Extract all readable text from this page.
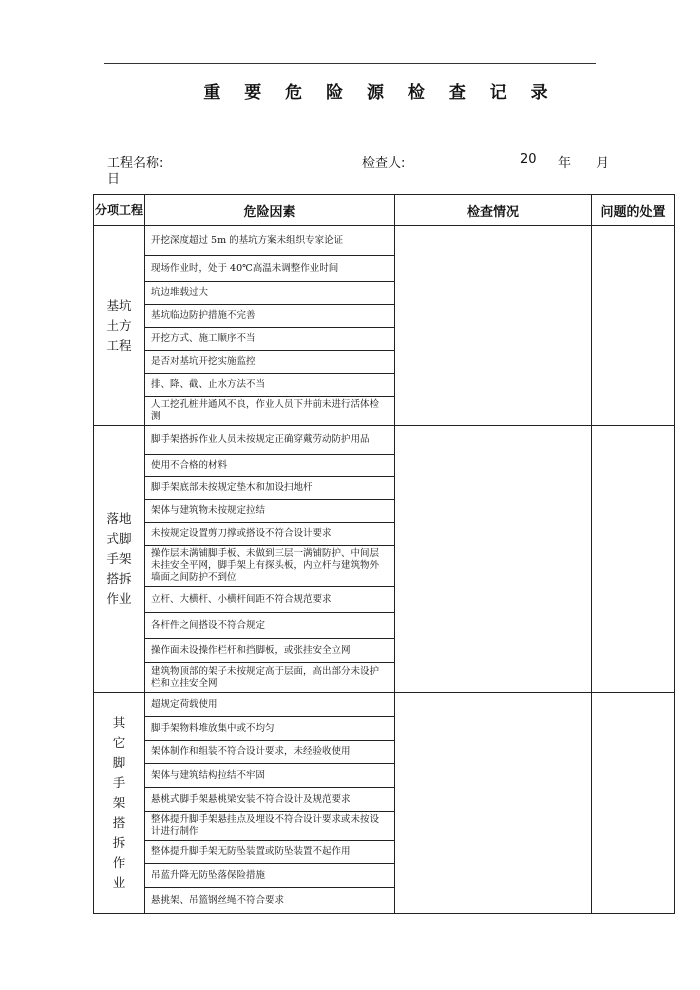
重 要 危 险 源 检 查 记 录
工程名称:	检查人:	20 年 月
日
分项工程	危险因素	检查情况	问题的处置

基坑土方工程	开挖深度超过 5m 的基坑方案未组织专家论证		
	现场作业时，处于 40℃高温未调整作业时间		
	坑边堆载过大		
	基坑临边防护措施不完善		
	开挖方式、施工顺序不当		
	是否对基坑开挖实施监控		
	排、降、截、止水方法不当		
	人工挖孔桩井通风不良，作业人员下井前未进行活体检测		

落地式脚手架搭拆作业	脚手架搭拆作业人员未按规定正确穿戴劳动防护用品		
	使用不合格的材料		
	脚手架底部未按规定垫木和加设扫地杆		
	架体与建筑物未按规定拉结		
	未按规定设置剪刀撑或搭设不符合设计要求		
	操作层未满铺脚手板、未做到三层一满铺防护、中间层未挂安全平网，脚手架上有探头板，内立杆与建筑物外墙面之间防护不到位		
	立杆、大横杆、小横杆间距不符合规范要求		
	各杆件之间搭设不符合规定		
	操作面未设操作栏杆和挡脚板，或张挂安全立网		
	建筑物顶部的架子未按规定高于层面，高出部分未设护栏和立挂安全网		

其它脚手架搭拆作业	超规定荷载使用		
	脚手架物料堆放集中或不均匀		
	架体制作和组装不符合设计要求，未经验收使用		
	架体与建筑结构拉结不牢固		
	悬桃式脚手架悬桃梁安装不符合设计及规范要求		
	整体提升脚手架悬挂点及埋设不符合设计要求或未按设计进行制作		
	整体提升脚手架无防坠装置或防坠装置不起作用		
	吊蓝升降无防坠落保险措施		
	悬挑架、吊篮钢丝绳不符合要求		
